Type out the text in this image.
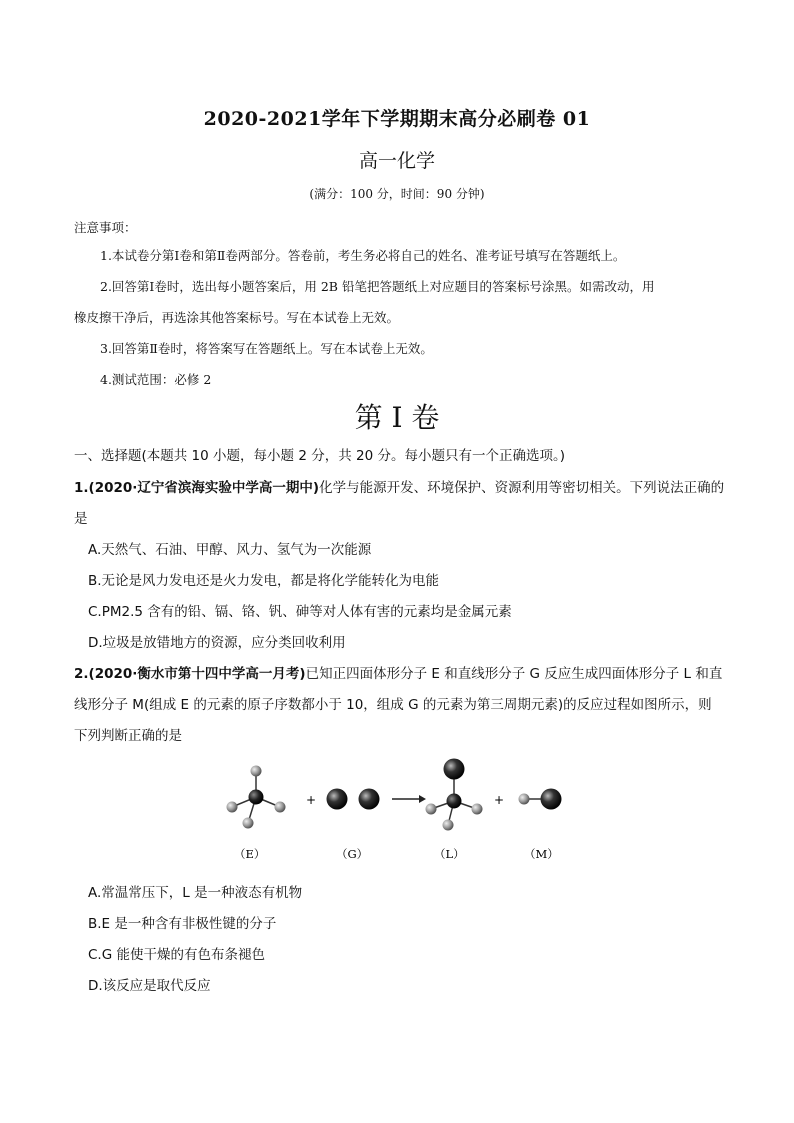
2020-2021学年下学期期末高分必刷卷 01
高一化学
(满分：100 分，时间：90 分钟)
注意事项：
1.本试卷分第Ⅰ卷和第Ⅱ卷两部分。答卷前，考生务必将自己的姓名、准考证号填写在答题纸上。
2.回答第Ⅰ卷时，选出每小题答案后，用 2B 铅笔把答题纸上对应题目的答案标号涂黑。如需改动，用
橡皮擦干净后，再选涂其他答案标号。写在本试卷上无效。
3.回答第Ⅱ卷时，将答案写在答题纸上。写在本试卷上无效。
4.测试范围：必修 2
第 I 卷
一、选择题(本题共 10 小题，每小题 2 分，共 20 分。每小题只有一个正确选项。)
1.(2020·辽宁省滨海实验中学高一期中)化学与能源开发、环境保护、资源利用等密切相关。下列说法正确的
是
A.天然气、石油、甲醇、风力、氢气为一次能源
B.无论是风力发电还是火力发电，都是将化学能转化为电能
C.PM2.5 含有的铅、镉、铬、钒、砷等对人体有害的元素均是金属元素
D.垃圾是放错地方的资源，应分类回收利用
2.(2020·衡水市第十四中学高一月考)已知正四面体形分子 E 和直线形分子 G 反应生成四面体形分子 L 和直
线形分子 M(组成 E 的元素的原子序数都小于 10，组成 G 的元素为第三周期元素)的反应过程如图所示，则
下列判断正确的是
+	+
（E）	（G）	（L）	（M）
A.常温常压下，L 是一种液态有机物
B.E 是一种含有非极性键的分子
C.G 能使干燥的有色布条褪色
D.该反应是取代反应
